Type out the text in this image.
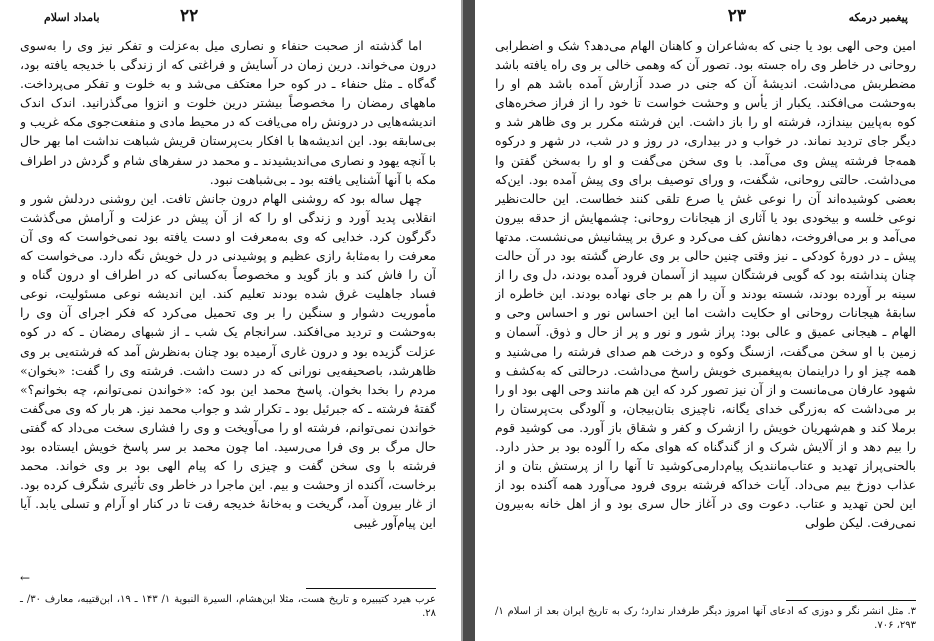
بامداد اسلام	۲۲

اما گذشته از صحبت حنفاء و نصاری میل به‌عزلت و تفکر نیز وی را به‌سوی درون می‌خواند. درین زمان در آسایش و فراغتی که از زندگی با خدیجه یافته بود، گه‌گاه ـ مثل حنفاء ـ در کوه حرا معتکف می‌شد و به خلوت و تفکر می‌پرداخت. ماههای رمضان را مخصوصاً بیشتر درین خلوت و انزوا می‌گذرانید. اندک اندک اندیشه‌هایی در درونش راه می‌یافت که در محیط مادی و منفعت‌جوی مکه غریب و بی‌سابقه بود. این اندیشه‌ها با افکار بت‌پرستان قریش شباهت نداشت اما بهر حال با آنچه یهود و نصاری می‌اندیشیدند ـ و محمد در سفرهای شام و گردش در اطراف مکه با آنها آشنایی یافته بود ـ بی‌شباهت نبود.

چهل ساله بود که روشنی الهام درون جانش تافت. این روشنی دردلش شور و انقلابی پدید آورد و زندگی او را که از آن پیش در عزلت و آرامش می‌گذشت دگرگون کرد. خدایی که وی به‌معرفت او دست یافته بود نمی‌خواست که وی آن معرفت را به‌مثابهٔ رازی عظیم و پوشیدنی در دل خویش نگه دارد. می‌خواست که آن را فاش کند و باز گوید و مخصوصاً به‌کسانی که در اطراف او درون گناه و فساد جاهلیت غرق شده بودند تعلیم کند. این اندیشه نوعی مسئولیت، نوعی مأموریت دشوار و سنگین را بر وی تحمیل می‌کرد که فکر اجرای آن وی را به‌وحشت و تردید می‌افکند. سرانجام یک شب ـ از شبهای رمضان ـ که در کوه عزلت گزیده بود و درون غاری آرمیده بود چنان به‌نظرش آمد که فرشته‌یی بر وی ظاهرشد، با‌صحیفه‌یی نورانی که در دست داشت. فرشته وی را گفت: «بخوان» مردم را بخدا بخوان. پاسخ محمد این بود که: «خواندن نمی‌توانم، چه بخوانم؟» گفتهٔ فرشته ـ که جبرئیل بود ـ تکرار شد و جواب محمد نیز. هر بار که وی می‌گفت خواندن نمی‌توانم، فرشته او را می‌آویخت و وی را فشاری سخت می‌داد که گفتی حال مرگ بر وی فرا می‌رسید. اما چون محمد بر سر پاسخ خویش ایستاده بود فرشته با وی سخن گفت و چیزی را که پیام الهی بود بر وی خواند. محمد برخاست، آکنده از وحشت و بیم. این ماجرا در خاطر وی تأثیری شگرف کرده بود. از غار بیرون آمد، گریخت و به‌خانهٔ خدیجه رفت تا در کنار او آرام و تسلی یابد. آیا این پیام‌آور غیبی

عرب هیرد کتیبیره و تاریخ هست، مثلا ابن‌هشام، السیرة النبویة ۱/ ۱۴۳ ـ ۱۹، ابن‌قتیبه، معارف ۳۰/ ـ ۲۸.
←
۲۳	پیغمبر درمکه

امین وحی الهی بود یا جنی که به‌شاعران و کاهنان الهام می‌دهد؟ شک و اضطرابی روحانی در خاطر وی راه جسته بود. تصور آن که وهمی خالی بر وی راه یافته باشد مضطربش می‌داشت. اندیشهٔ آن که جنی در صدد آزارش آمده باشد هم او را به‌وحشت می‌افکند. یکبار از یأس و وحشت خواست تا خود را از فراز صخره‌های کوه به‌پایین بیندازد، فرشته او را باز داشت. این فرشته مکرر بر وی ظاهر شد و دیگر جای تردید نماند. در خواب و در بیداری، در روز و در شب، در شهر و درکوه همه‌جا فرشته پیش وی می‌آمد. با وی سخن می‌گفت و او را به‌سخن گفتن وا می‌داشت. حالتی روحانی، شگفت، و ورای توصیف برای وی پیش آمده بود. این‌که بعضی کوشیده‌اند آن را نوعی غش یا صرع تلقی کنند خطاست. این حالت‌نظیر نوعی خلسه و بیخودی بود یا آثاری از هیجانات روحانی: چشمهایش از حدقه بیرون می‌آمد و بر می‌افروخت، دهانش کف می‌کرد و عرق بر پیشانیش می‌نشست. مدتها پیش ـ در دورهٔ کودکی ـ نیز وقتی چنین حالی بر وی عارض گشته بود در آن حالت چنان پنداشته بود که گویی فرشتگان سپید از آسمان فرود آمده بودند، دل وی را از سینه بر آورده بودند، شسته بودند و آن را هم بر جای نهاده بودند. این خاطره از سابقهٔ هیجانات روحانی او حکایت داشت اما این احساس نور و احساس وحی و الهام ـ هیجانی عمیق و عالی بود: پراز شور و نور و پر از حال و ذوق. آسمان و زمین با او سخن می‌گفت، ازسنگ وکوه و درخت هم صدای فرشته را می‌شنید و همه چیز او را دراینمان به‌پیغمبری خویش راسخ می‌داشت. درحالتی که به‌کشف و شهود عارفان می‌مانست و از آن نیز تصور کرد که این هم مانند وحی الهی بود او را بر می‌داشت که به‌زرگی خدای یگانه، ناچیزی بتان‌بیجان، و آلودگی بت‌پرستان را برملا کند و هم‌شهریان خویش را ازشرک و کفر و شقاق باز آورد. می کوشید قوم را بیم دهد و از آلایش شرک و از گندگناه که هوای مکه را آلوده بود بر حذر دارد. با‌لحنی‌پراز تهدید و عتاب‌مانندیک پیام‌دار‌می‌کوشید تا آنها را از پرستش بتان و از عذاب دوزخ بیم‌ می‌داد. آیات خداکه فرشته بروی فرود می‌آورد همه آکنده بود از این لحن تهدید و عتاب. دعوت وی در آغاز حال سری بود و از اهل خانه به‌بیرون نمی‌رفت. لیکن طولی

۳. مثل انشر نگر و دوزی که ادعای آنها امروز دیگر طرفدار ندارد؛ رک به تاریخ ایران بعد از اسلام ۱/ ۲۹۳، ۷۰۶.
